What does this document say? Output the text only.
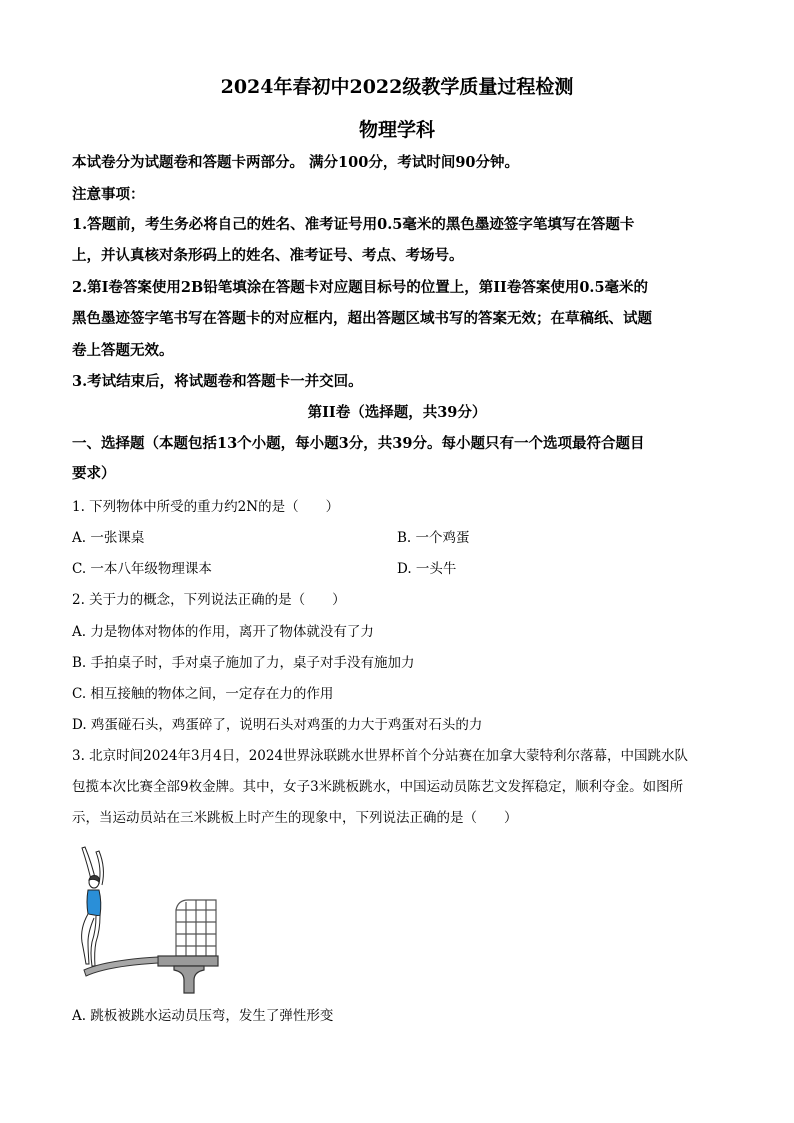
2024年春初中2022级教学质量过程检测
物理学科
本试卷分为试题卷和答题卡两部分。 满分100分，考试时间90分钟。
注意事项：
1.答题前，考生务必将自己的姓名、准考证号用0.5毫米的黑色墨迹签字笔填写在答题卡
上，并认真核对条形码上的姓名、准考证号、考点、考场号。
2.第I卷答案使用2B铅笔填涂在答题卡对应题目标号的位置上，第II卷答案使用0.5毫米的
黑色墨迹签字笔书写在答题卡的对应框内，超出答题区域书写的答案无效；在草稿纸、试题
卷上答题无效。
3.考试结束后，将试题卷和答题卡一并交回。
第II卷（选择题，共39分）
一、选择题（本题包括13个小题，每小题3分，共39分。每小题只有一个选项最符合题目
要求）
1. 下列物体中所受的重力约2N的是（　　）
A. 一张课桌	B. 一个鸡蛋
C. 一本八年级物理课本	D. 一头牛
2. 关于力的概念，下列说法正确的是（　　）
A. 力是物体对物体的作用，离开了物体就没有了力
B. 手拍桌子时，手对桌子施加了力，桌子对手没有施加力
C. 相互接触的物体之间，一定存在力的作用
D. 鸡蛋碰石头，鸡蛋碎了，说明石头对鸡蛋的力大于鸡蛋对石头的力
3. 北京时间2024年3月4日，2024世界泳联跳水世界杯首个分站赛在加拿大蒙特利尔落幕，中国跳水队
包揽本次比赛全部9枚金牌。其中，女子3米跳板跳水，中国运动员陈艺文发挥稳定，顺利夺金。如图所
示，当运动员站在三米跳板上时产生的现象中，下列说法正确的是（　　）
A. 跳板被跳水运动员压弯，发生了弹性形变
